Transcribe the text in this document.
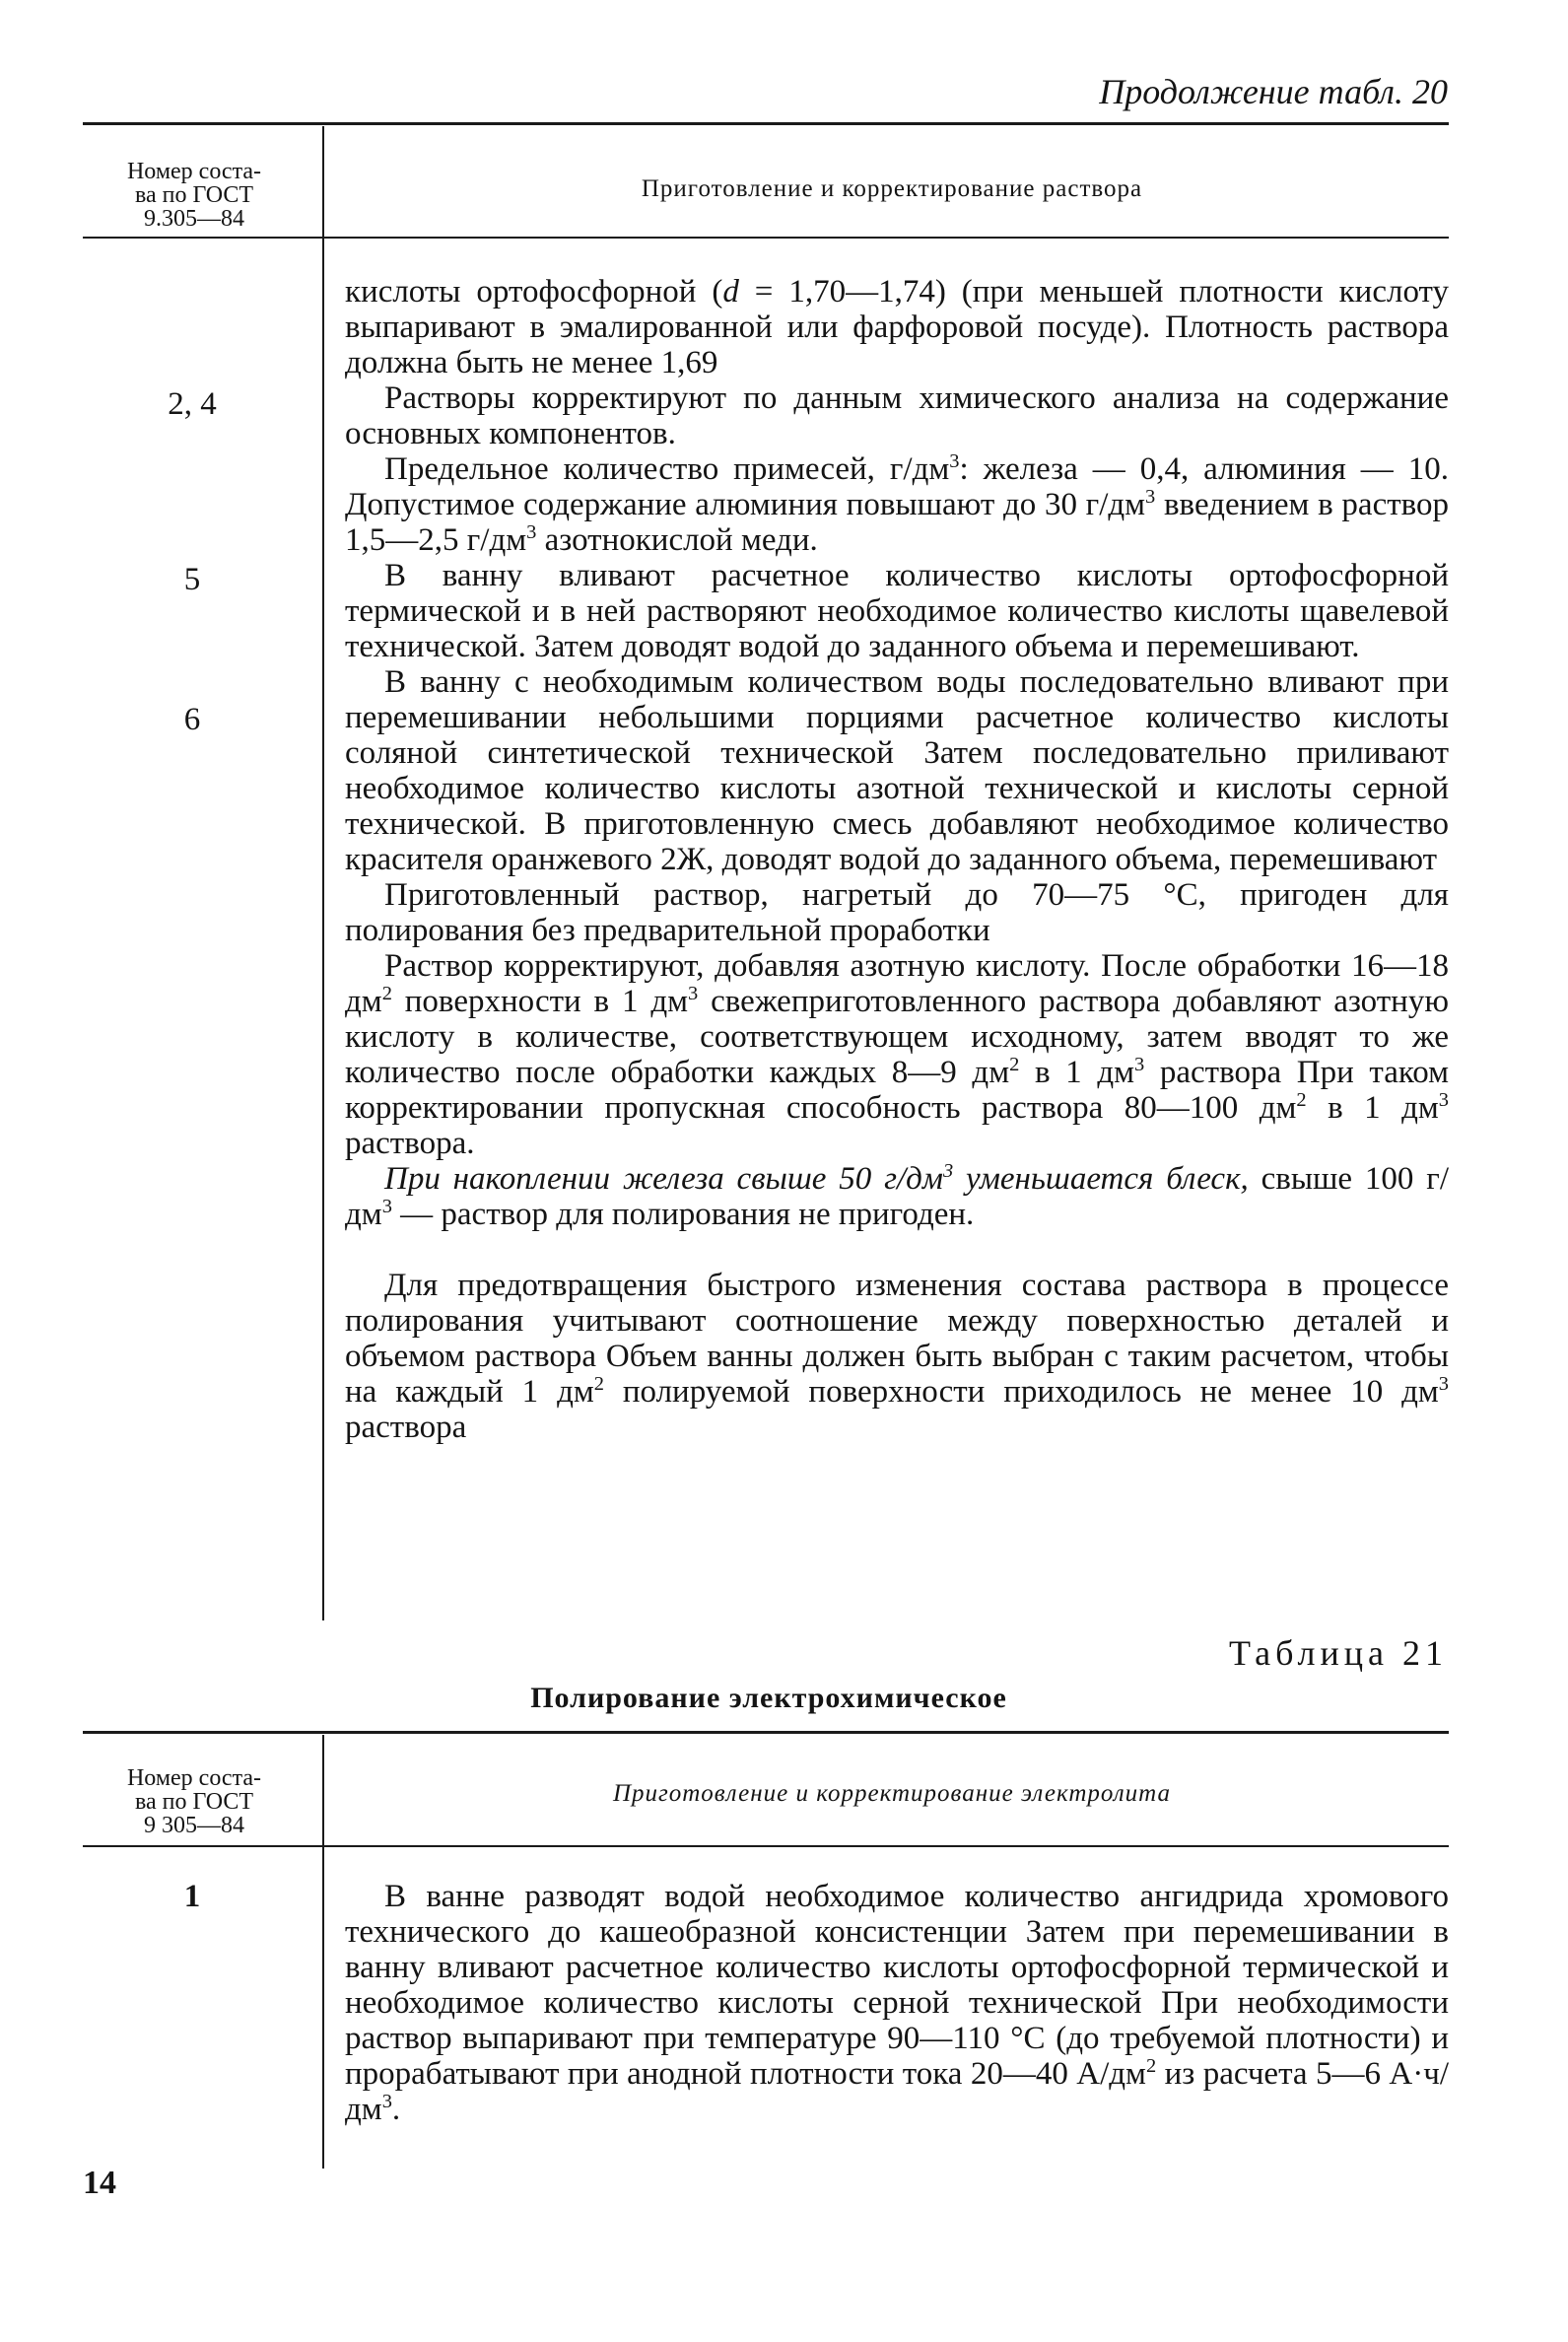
Продолжение табл. 20
Номер соста-
ва по ГОСТ
9.305—84
Приготовление и корректирование раствора
2, 4
5
6
кислоты ортофосфорной (d = 1,70—1,74) (при меньшей плотности кислоту выпаривают в эмалированной или фарфоровой посуде). Плотность раствора должна быть не менее 1,69
Растворы корректируют по данным химического анализа на содержание основных компонентов.
Предельное количество примесей, $г/дм^3$: железа — 0,4, алюминия — 10. Допустимое содержание алюминия повышают до 30 $г/дм^3$ введением в раствор 1,5—2,5 $г/дм^3$ азотнокислой меди.
В ванну вливают расчетное количество кислоты ортофосфорной термической и в ней растворяют необходимое количество кислоты щавелевой технической. Затем доводят водой до заданного объема и перемешивают.
В ванну с необходимым количеством воды последовательно вливают при перемешивании небольшими порциями расчетное количество кислоты соляной синтетической технической Затем последовательно приливают необходимое количество кислоты азотной технической и кислоты серной технической. В приготовленную смесь добавляют необходимое количество красителя оранжевого 2Ж, доводят водой до заданного объема, перемешивают
Приготовленный раствор, нагретый до 70—75 °С, пригоден для полирования без предварительной проработки
Раствор корректируют, добавляя азотную кислоту. После обработки 16—18 $дм^2$ поверхности в 1 $дм^3$ свежеприготовленного раствора добавляют азотную кислоту в количестве, соответствующем исходному, затем вводят то же количество после обработки каждых 8—9 $дм^2$ в 1 $дм^3$ раствора При таком корректировании пропускная способность раствора 80—100 $дм^2$ в 1 $дм^3$ раствора.
При накоплении железа свыше 50 $г/дм^3$ уменьшается блеск, свыше 100 $г/дм^3$ — раствор для полирования не пригоден.
Для предотвращения быстрого изменения состава раствора в процессе полирования учитывают соотношение между поверхностью деталей и объемом раствора Объем ванны должен быть выбран с таким расчетом, чтобы на каждый 1 $дм^2$ полируемой поверхности приходилось не менее 10 $дм^3$ раствора
Таблица 21
Полирование электрохимическое
Номер соста-
ва по ГОСТ
9 305—84
Приготовление и корректирование электролита
1	В ванне разводят водой необходимое количество ангидрида хромового технического до кашеобразной консистенции Затем при перемешивании в ванну вливают расчетное количество кислоты ортофосфорной термической и необходимое количество кислоты серной технической При необходимости раствор выпаривают при температуре 90—110 °С (до требуемой плотности) и прорабатывают при анодной плотности тока 20—40 $А/дм^2$ из расчета 5—6 $А\cdot ч/дм^3$.
14
